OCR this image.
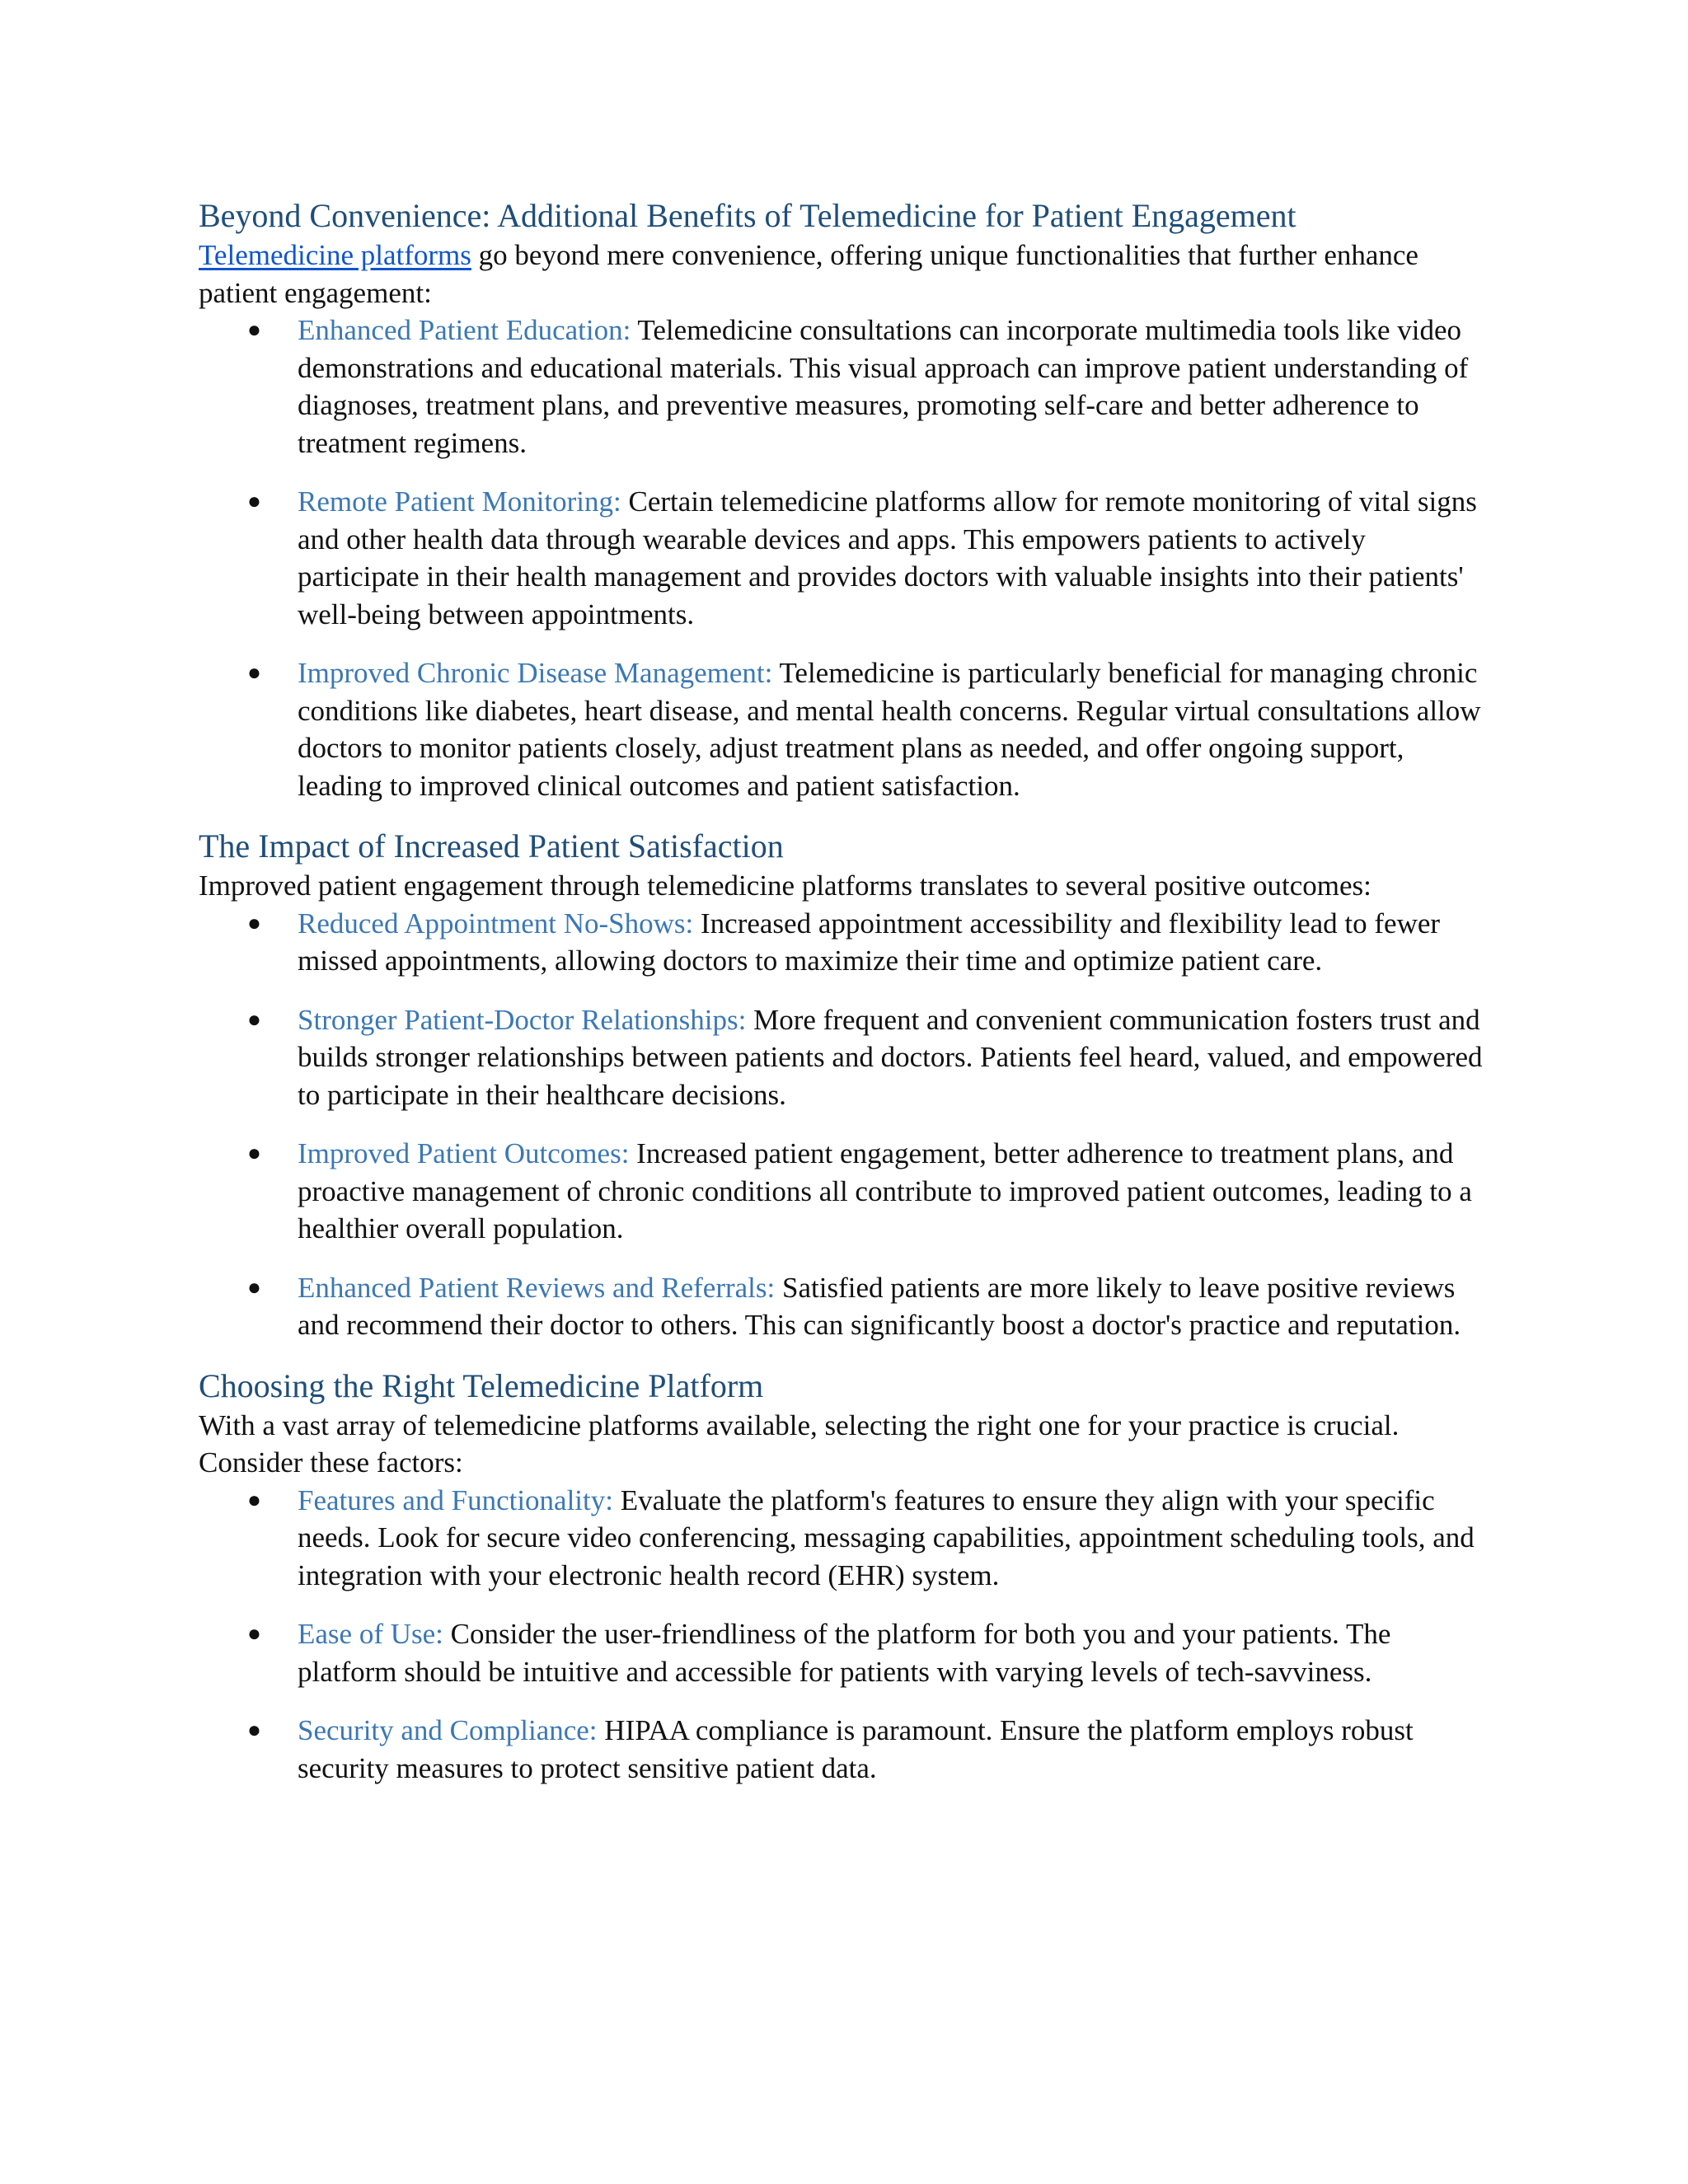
Beyond Convenience: Additional Benefits of Telemedicine for Patient Engagement

Telemedicine platforms go beyond mere convenience, offering unique functionalities that further enhance patient engagement:

● Enhanced Patient Education: Telemedicine consultations can incorporate multimedia tools like video demonstrations and educational materials. This visual approach can improve patient understanding of diagnoses, treatment plans, and preventive measures, promoting self-care and better adherence to treatment regimens.
● Remote Patient Monitoring: Certain telemedicine platforms allow for remote monitoring of vital signs and other health data through wearable devices and apps. This empowers patients to actively participate in their health management and provides doctors with valuable insights into their patients' well-being between appointments.
● Improved Chronic Disease Management: Telemedicine is particularly beneficial for managing chronic conditions like diabetes, heart disease, and mental health concerns. Regular virtual consultations allow doctors to monitor patients closely, adjust treatment plans as needed, and offer ongoing support, leading to improved clinical outcomes and patient satisfaction.
The Impact of Increased Patient Satisfaction

Improved patient engagement through telemedicine platforms translates to several positive outcomes:

● Reduced Appointment No-Shows: Increased appointment accessibility and flexibility lead to fewer missed appointments, allowing doctors to maximize their time and optimize patient care.
● Stronger Patient-Doctor Relationships: More frequent and convenient communication fosters trust and builds stronger relationships between patients and doctors. Patients feel heard, valued, and empowered to participate in their healthcare decisions.
● Improved Patient Outcomes: Increased patient engagement, better adherence to treatment plans, and proactive management of chronic conditions all contribute to improved patient outcomes, leading to a healthier overall population.
● Enhanced Patient Reviews and Referrals: Satisfied patients are more likely to leave positive reviews and recommend their doctor to others. This can significantly boost a doctor's practice and reputation.
Choosing the Right Telemedicine Platform

With a vast array of telemedicine platforms available, selecting the right one for your practice is crucial. Consider these factors:

● Features and Functionality: Evaluate the platform's features to ensure they align with your specific needs. Look for secure video conferencing, messaging capabilities, appointment scheduling tools, and integration with your electronic health record (EHR) system.
● Ease of Use: Consider the user-friendliness of the platform for both you and your patients. The platform should be intuitive and accessible for patients with varying levels of tech-savviness.
● Security and Compliance: HIPAA compliance is paramount. Ensure the platform employs robust security measures to protect sensitive patient data.
